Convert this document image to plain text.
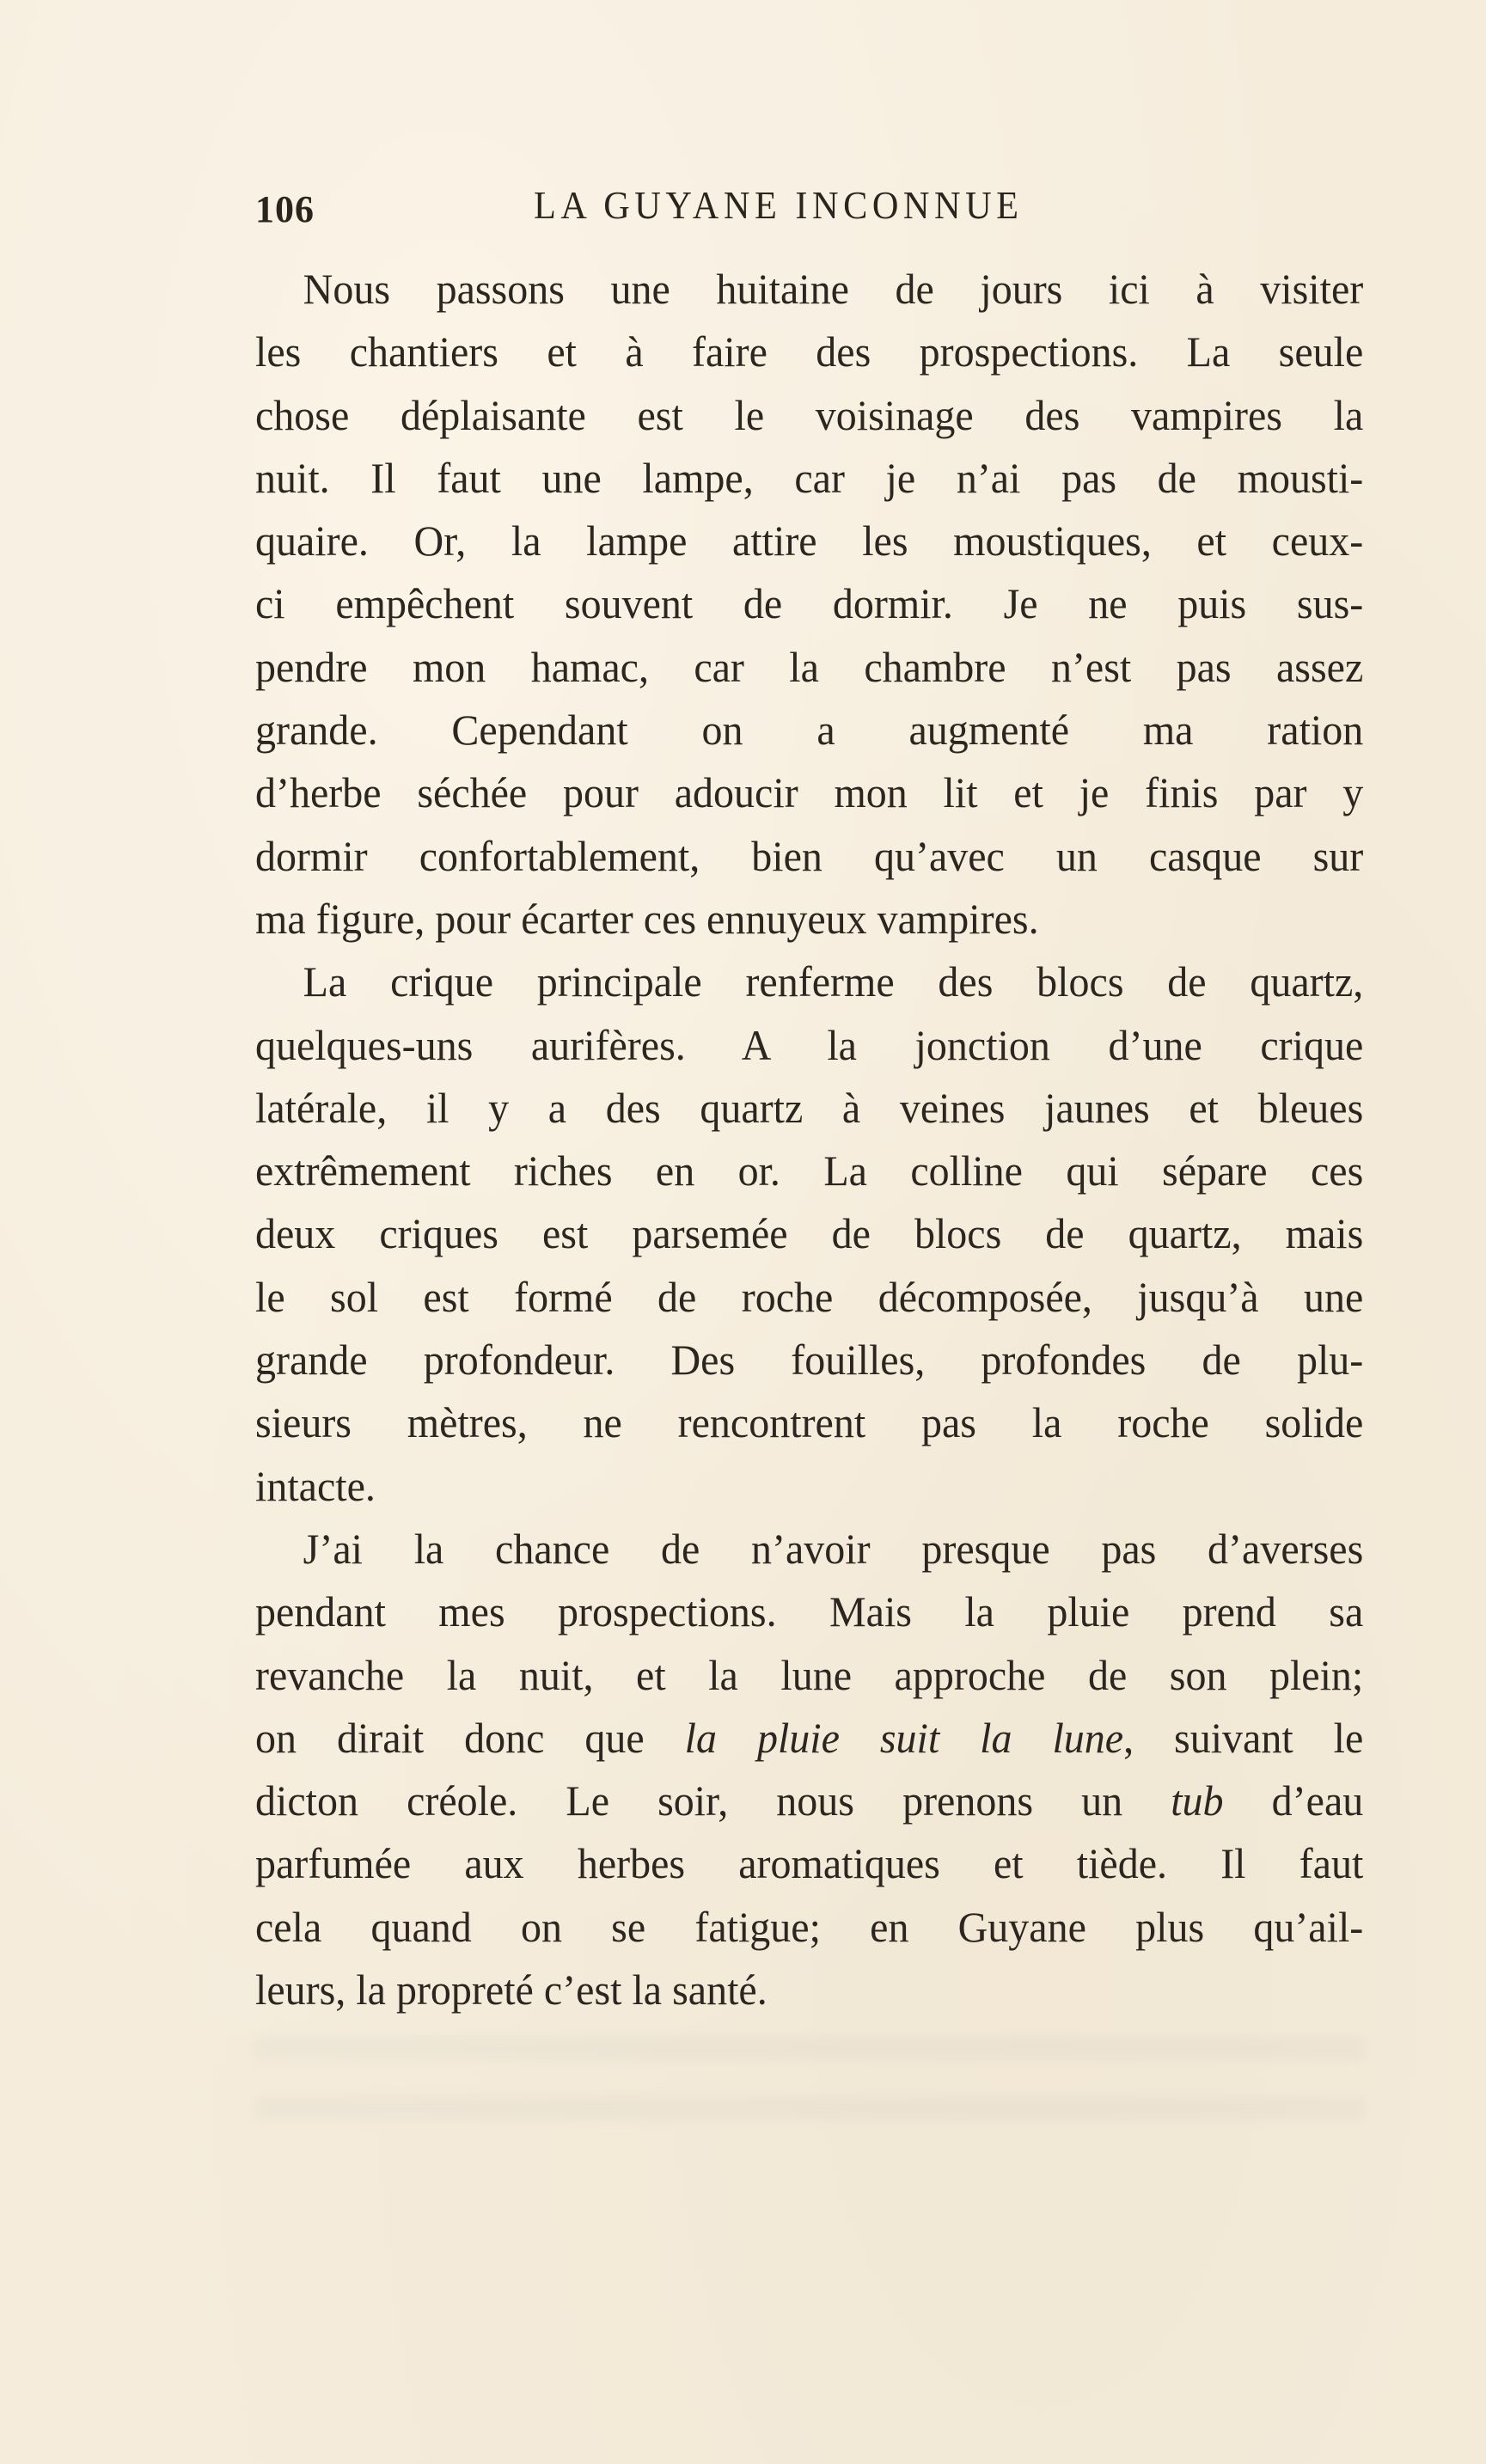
106	LA GUYANE INCONNUE
Nous passons une huitaine de jours ici à visiter
les chantiers et à faire des prospections. La seule
chose déplaisante est le voisinage des vampires la
nuit. Il faut une lampe, car je n’ai pas de mousti-
quaire. Or, la lampe attire les moustiques, et ceux-
ci empêchent souvent de dormir. Je ne puis sus-
pendre mon hamac, car la chambre n’est pas assez
grande. Cependant on a augmenté ma ration
d’herbe séchée pour adoucir mon lit et je finis par y
dormir confortablement, bien qu’avec un casque sur
ma figure, pour écarter ces ennuyeux vampires.
La crique principale renferme des blocs de quartz,
quelques-uns aurifères. A la jonction d’une crique
latérale, il y a des quartz à veines jaunes et bleues
extrêmement riches en or. La colline qui sépare ces
deux criques est parsemée de blocs de quartz, mais
le sol est formé de roche décomposée, jusqu’à une
grande profondeur. Des fouilles, profondes de plu-
sieurs mètres, ne rencontrent pas la roche solide
intacte.
J’ai la chance de n’avoir presque pas d’averses
pendant mes prospections. Mais la pluie prend sa
revanche la nuit, et la lune approche de son plein;
on dirait donc que la pluie suit la lune, suivant le
dicton créole. Le soir, nous prenons un tub d’eau
parfumée aux herbes aromatiques et tiède. Il faut
cela quand on se fatigue; en Guyane plus qu’ail-
leurs, la propreté c’est la santé.
